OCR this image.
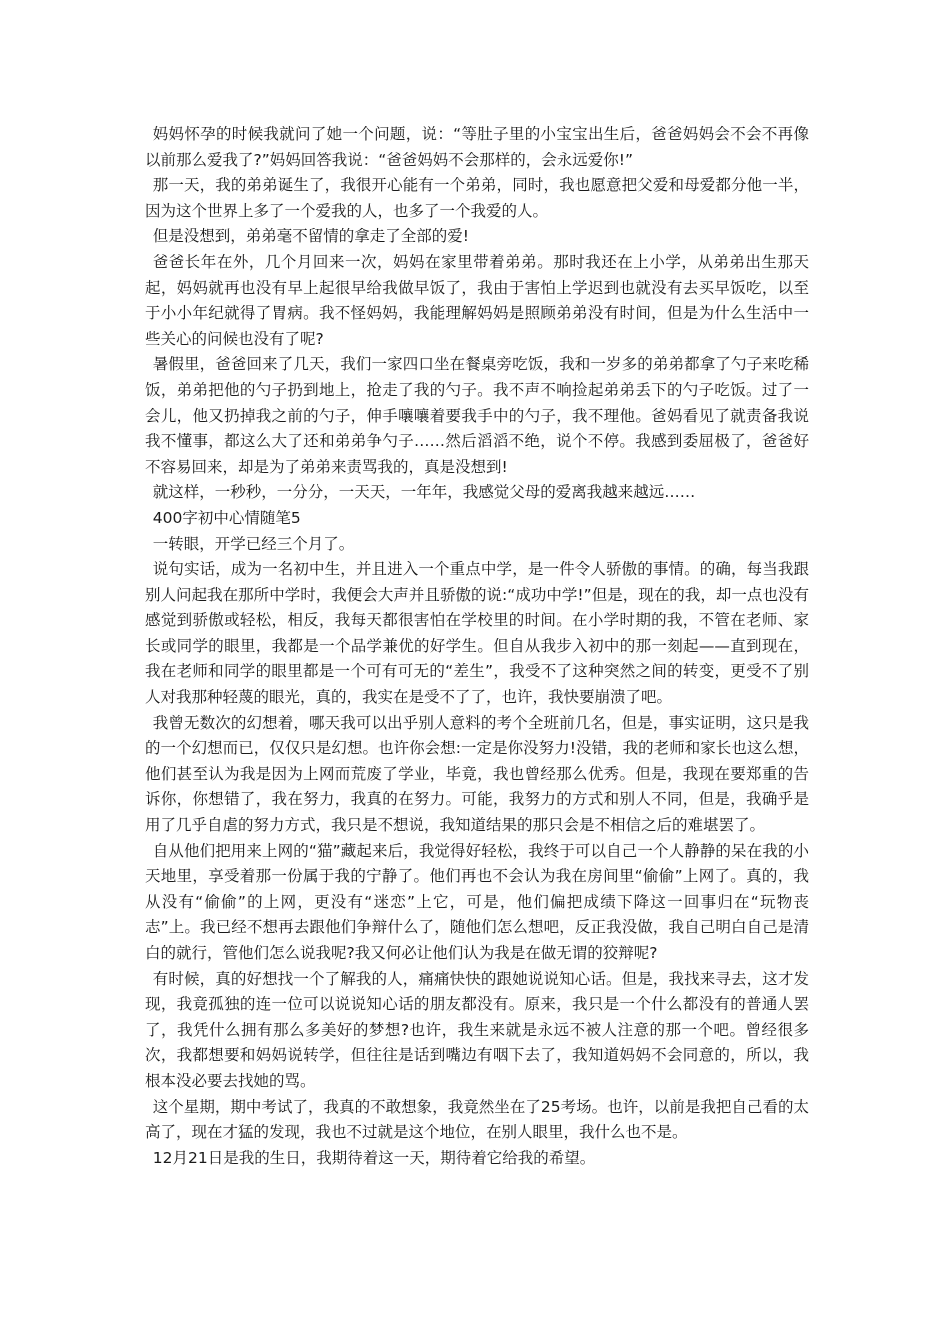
妈妈怀孕的时候我就问了她一个问题，说：“等肚子里的小宝宝出生后，爸爸妈妈会不会不再像以前那么爱我了?”妈妈回答我说：“爸爸妈妈不会那样的，会永远爱你!”

那一天，我的弟弟诞生了，我很开心能有一个弟弟，同时，我也愿意把父爱和母爱都分他一半，因为这个世界上多了一个爱我的人，也多了一个我爱的人。

但是没想到，弟弟毫不留情的拿走了全部的爱!

爸爸长年在外，几个月回来一次，妈妈在家里带着弟弟。那时我还在上小学，从弟弟出生那天起，妈妈就再也没有早上起很早给我做早饭了，我由于害怕上学迟到也就没有去买早饭吃，以至于小小年纪就得了胃病。我不怪妈妈，我能理解妈妈是照顾弟弟没有时间，但是为什么生活中一些关心的问候也没有了呢?

暑假里，爸爸回来了几天，我们一家四口坐在餐桌旁吃饭，我和一岁多的弟弟都拿了勺子来吃稀饭，弟弟把他的勺子扔到地上，抢走了我的勺子。我不声不响捡起弟弟丢下的勺子吃饭。过了一会儿，他又扔掉我之前的勺子，伸手嚷嚷着要我手中的勺子，我不理他。爸妈看见了就责备我说我不懂事，都这么大了还和弟弟争勺子……然后滔滔不绝，说个不停。我感到委屈极了，爸爸好不容易回来，却是为了弟弟来责骂我的，真是没想到!

就这样，一秒秒，一分分，一天天，一年年，我感觉父母的爱离我越来越远……

400字初中心情随笔5

一转眼，开学已经三个月了。

说句实话，成为一名初中生，并且进入一个重点中学，是一件令人骄傲的事情。的确，每当我跟别人问起我在那所中学时，我便会大声并且骄傲的说:“成功中学!”但是，现在的我，却一点也没有感觉到骄傲或轻松，相反，我每天都很害怕在学校里的时间。在小学时期的我，不管在老师、家长或同学的眼里，我都是一个品学兼优的好学生。但自从我步入初中的那一刻起——直到现在，我在老师和同学的眼里都是一个可有可无的“差生”，我受不了这种突然之间的转变，更受不了别人对我那种轻蔑的眼光，真的，我实在是受不了了，也许，我快要崩溃了吧。

我曾无数次的幻想着，哪天我可以出乎别人意料的考个全班前几名，但是，事实证明，这只是我的一个幻想而已，仅仅只是幻想。也许你会想:一定是你没努力!没错，我的老师和家长也这么想，他们甚至认为我是因为上网而荒废了学业，毕竟，我也曾经那么优秀。但是，我现在要郑重的告诉你，你想错了，我在努力，我真的在努力。可能，我努力的方式和别人不同，但是，我确乎是用了几乎自虐的努力方式，我只是不想说，我知道结果的那只会是不相信之后的难堪罢了。

自从他们把用来上网的“猫”藏起来后，我觉得好轻松，我终于可以自己一个人静静的呆在我的小天地里，享受着那一份属于我的宁静了。他们再也不会认为我在房间里“偷偷”上网了。真的，我从没有“偷偷”的上网，更没有“迷恋”上它，可是，他们偏把成绩下降这一回事归在“玩物丧志”上。我已经不想再去跟他们争辩什么了，随他们怎么想吧，反正我没做，我自己明白自己是清白的就行，管他们怎么说我呢?我又何必让他们认为我是在做无谓的狡辩呢?

有时候，真的好想找一个了解我的人，痛痛快快的跟她说说知心话。但是，我找来寻去，这才发现，我竟孤独的连一位可以说说知心话的朋友都没有。原来，我只是一个什么都没有的普通人罢了，我凭什么拥有那么多美好的梦想?也许，我生来就是永远不被人注意的那一个吧。曾经很多次，我都想要和妈妈说转学，但往往是话到嘴边有咽下去了，我知道妈妈不会同意的，所以，我根本没必要去找她的骂。

这个星期，期中考试了，我真的不敢想象，我竟然坐在了25考场。也许，以前是我把自己看的太高了，现在才猛的发现，我也不过就是这个地位，在别人眼里，我什么也不是。

12月21日是我的生日，我期待着这一天，期待着它给我的希望。
